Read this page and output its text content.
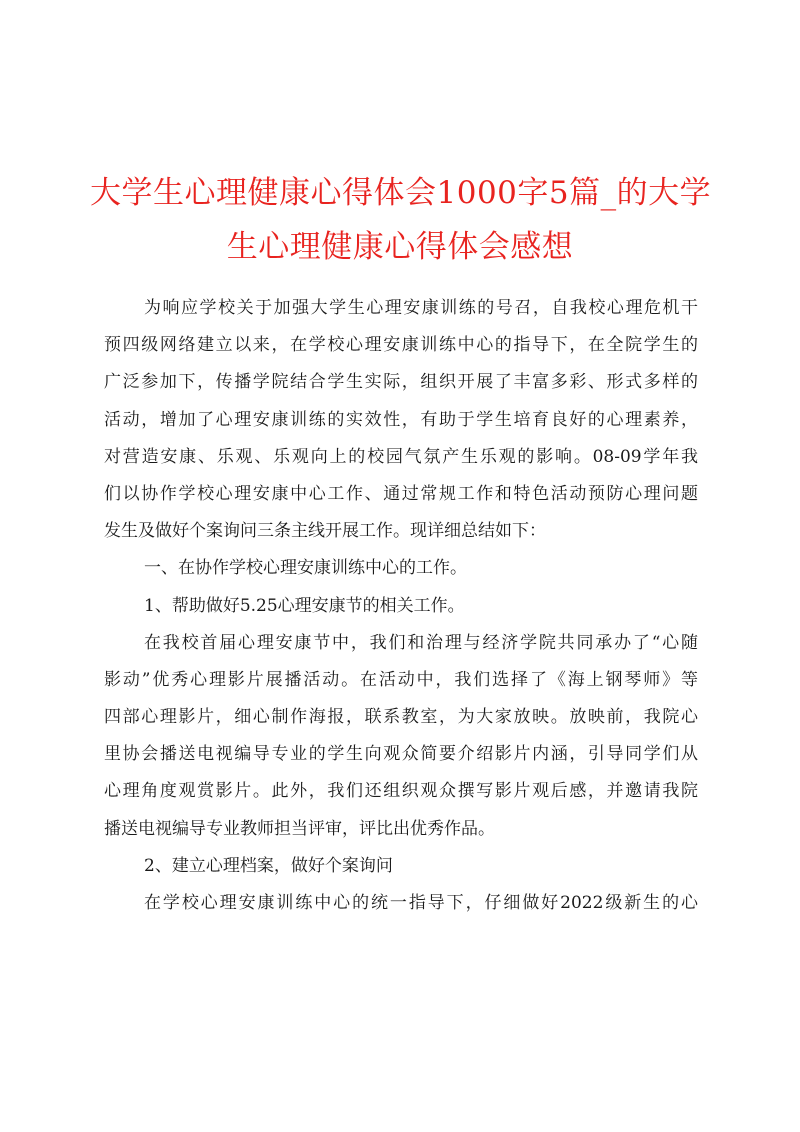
大学生心理健康心得体会1000字5篇_的大学
生心理健康心得体会感想
为响应学校关于加强大学生心理安康训练的号召，自我校心理危机干
预四级网络建立以来，在学校心理安康训练中心的指导下，在全院学生的
广泛参加下，传播学院结合学生实际，组织开展了丰富多彩、形式多样的
活动，增加了心理安康训练的实效性，有助于学生培育良好的心理素养，
对营造安康、乐观、乐观向上的校园气氛产生乐观的影响。08-09学年我
们以协作学校心理安康中心工作、通过常规工作和特色活动预防心理问题
发生及做好个案询问三条主线开展工作。现详细总结如下：
一、在协作学校心理安康训练中心的工作。
1、帮助做好5.25心理安康节的相关工作。
在我校首届心理安康节中，我们和治理与经济学院共同承办了“心随
影动”优秀心理影片展播活动。在活动中，我们选择了《海上钢琴师》等
四部心理影片，细心制作海报，联系教室，为大家放映。放映前，我院心
里协会播送电视编导专业的学生向观众简要介绍影片内涵，引导同学们从
心理角度观赏影片。此外，我们还组织观众撰写影片观后感，并邀请我院
播送电视编导专业教师担当评审，评比出优秀作品。
2、建立心理档案，做好个案询问
在学校心理安康训练中心的统一指导下，仔细做好2022级新生的心
